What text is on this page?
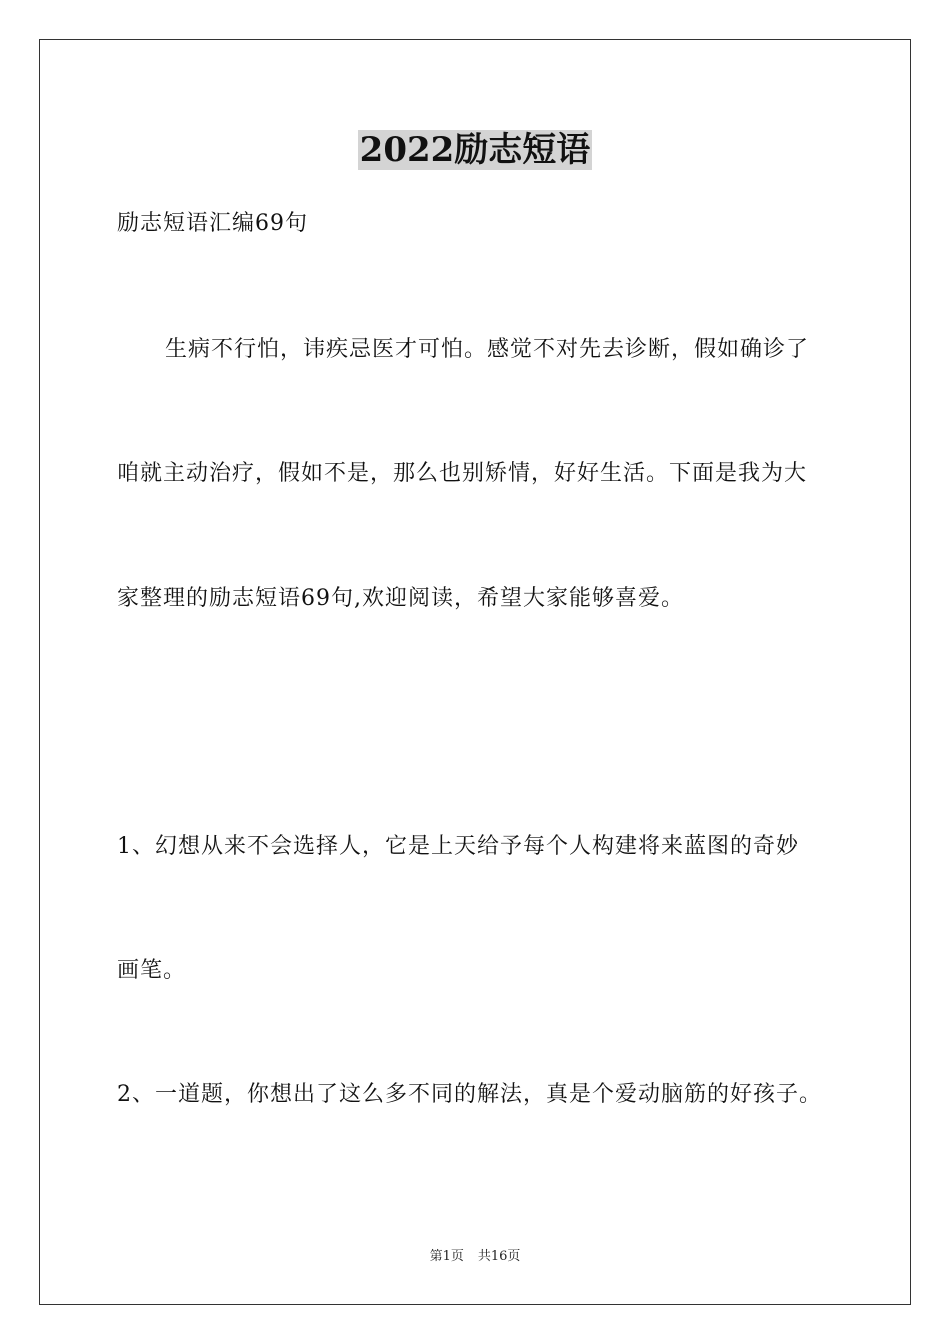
2022励志短语
励志短语汇编69句
生病不行怕，讳疾忌医才可怕。感觉不对先去诊断，假如确诊了
咱就主动治疗，假如不是，那么也别矫情，好好生活。下面是我为大
家整理的励志短语69句,欢迎阅读，希望大家能够喜爱。
1、幻想从来不会选择人，它是上天给予每个人构建将来蓝图的奇妙
画笔。
2、一道题，你想出了这么多不同的解法，真是个爱动脑筋的好孩子。
第1页 共16页
